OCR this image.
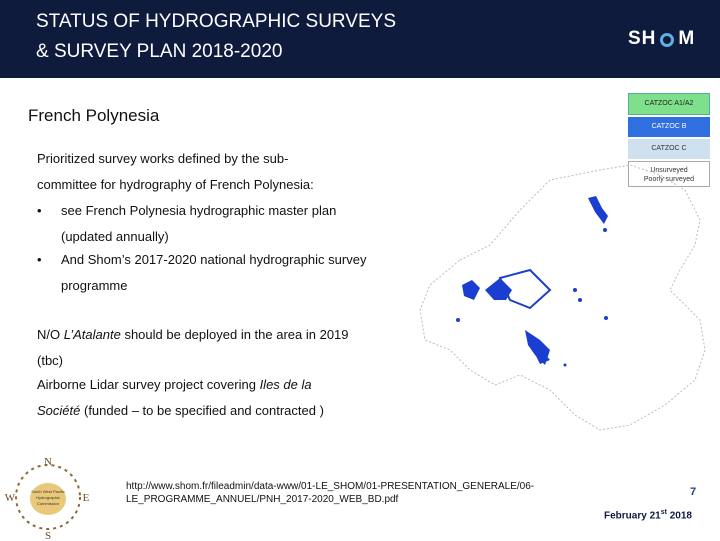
STATUS OF HYDROGRAPHIC SURVEYS
& SURVEY PLAN 2018-2020
SH M
French Polynesia
Prioritized survey works defined by the sub-
committee for hydrography of French Polynesia:
• see French Polynesia hydrographic master plan
(updated annually)
• And Shom’s 2017-2020 national hydrographic survey
programme
N/O L’Atalante should be deployed in the area in 2019
(tbc)
Airborne Lidar survey project covering Iles de la
Société (funded – to be specified and contracted )
CATZOC A1/A2
CATZOC B
CATZOC C
Unsurveyed
Poorly surveyed
N
S
W	E
South West Pacific
Hydrographic
Commission
http://www.shom.fr/fileadmin/data-www/01-LE_SHOM/01-PRESENTATION_GENERALE/06-LE_PROGRAMME_ANNUEL/PNH_2017-2020_WEB_BD.pdf
7
February 21st 2018
